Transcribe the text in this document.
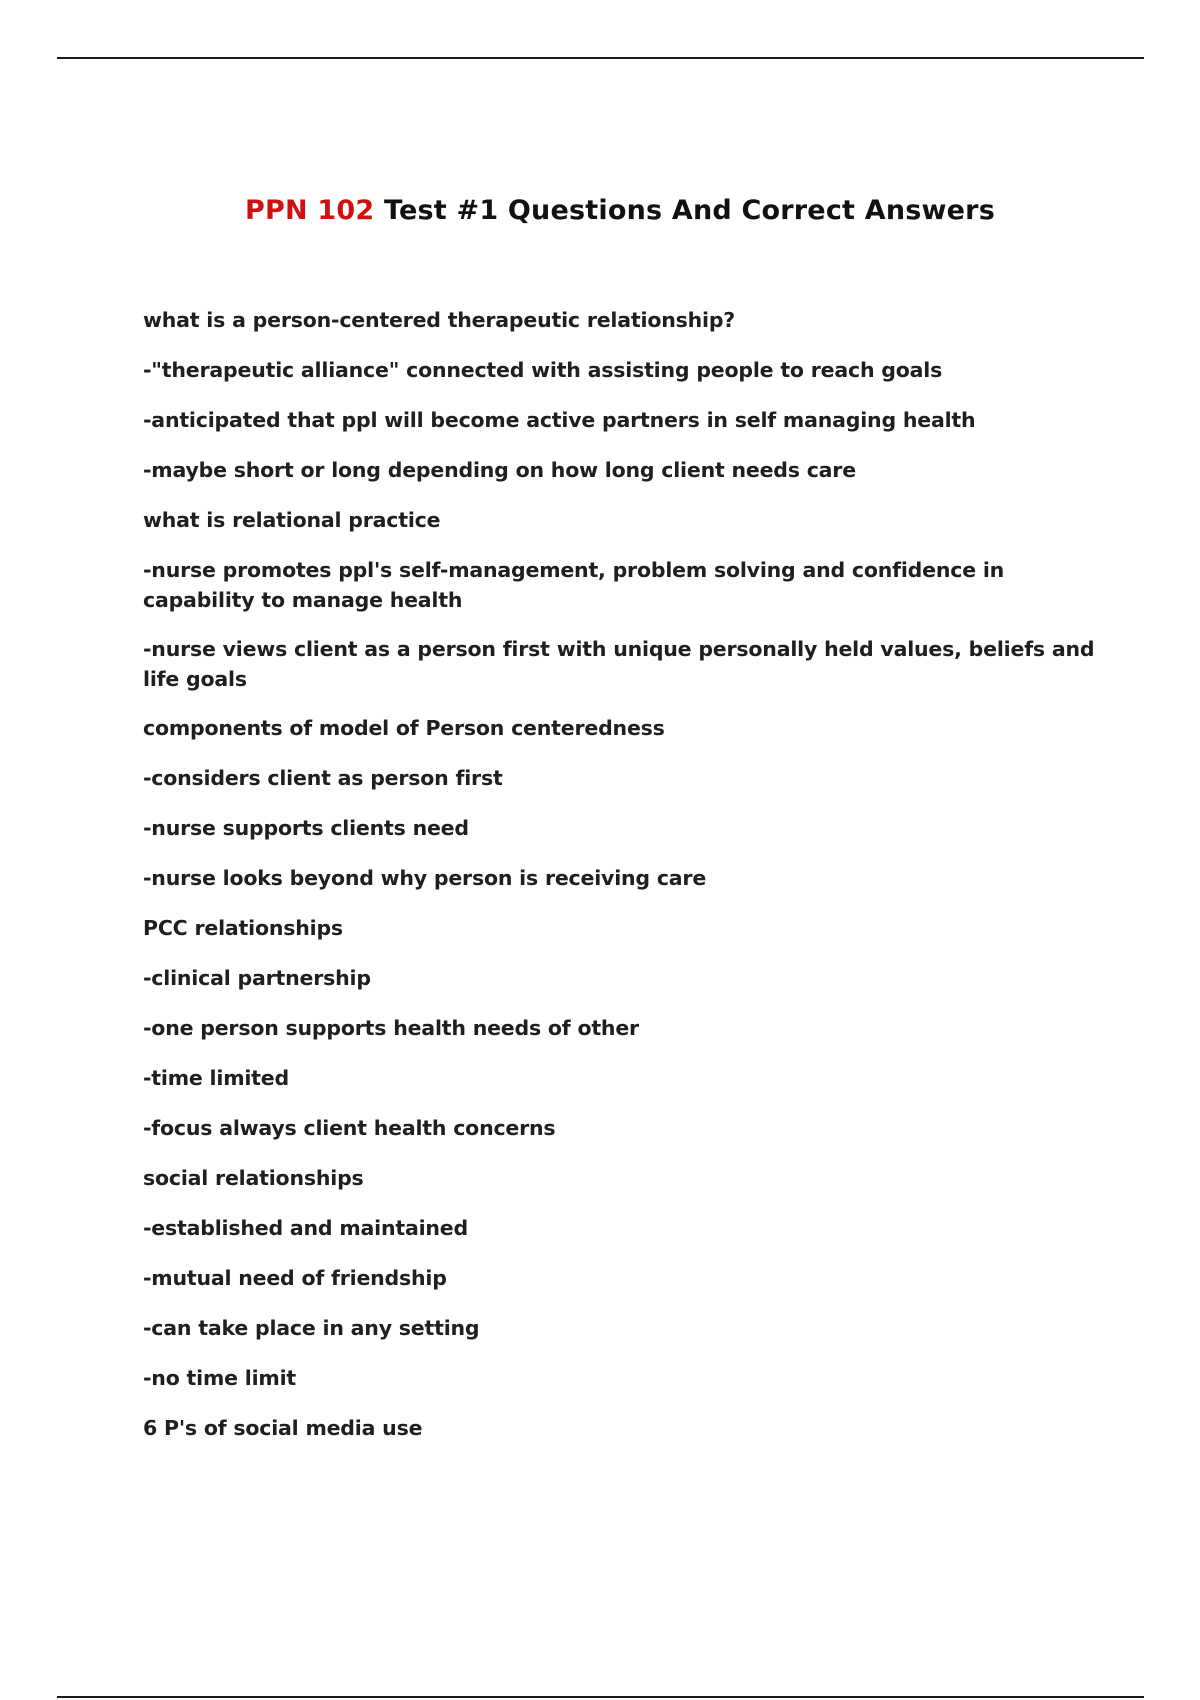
PPN 102 Test #1 Questions And Correct Answers

what is a person-centered therapeutic relationship?

-"therapeutic alliance" connected with assisting people to reach goals

-anticipated that ppl will become active partners in self managing health

-maybe short or long depending on how long client needs care

what is relational practice

-nurse promotes ppl's self-management, problem solving and confidence in capability to manage health

-nurse views client as a person first with unique personally held values, beliefs and life goals

components of model of Person centeredness

-considers client as person first

-nurse supports clients need

-nurse looks beyond why person is receiving care

PCC relationships

-clinical partnership

-one person supports health needs of other

-time limited

-focus always client health concerns

social relationships

-established and maintained

-mutual need of friendship

-can take place in any setting

-no time limit

6 P's of social media use
